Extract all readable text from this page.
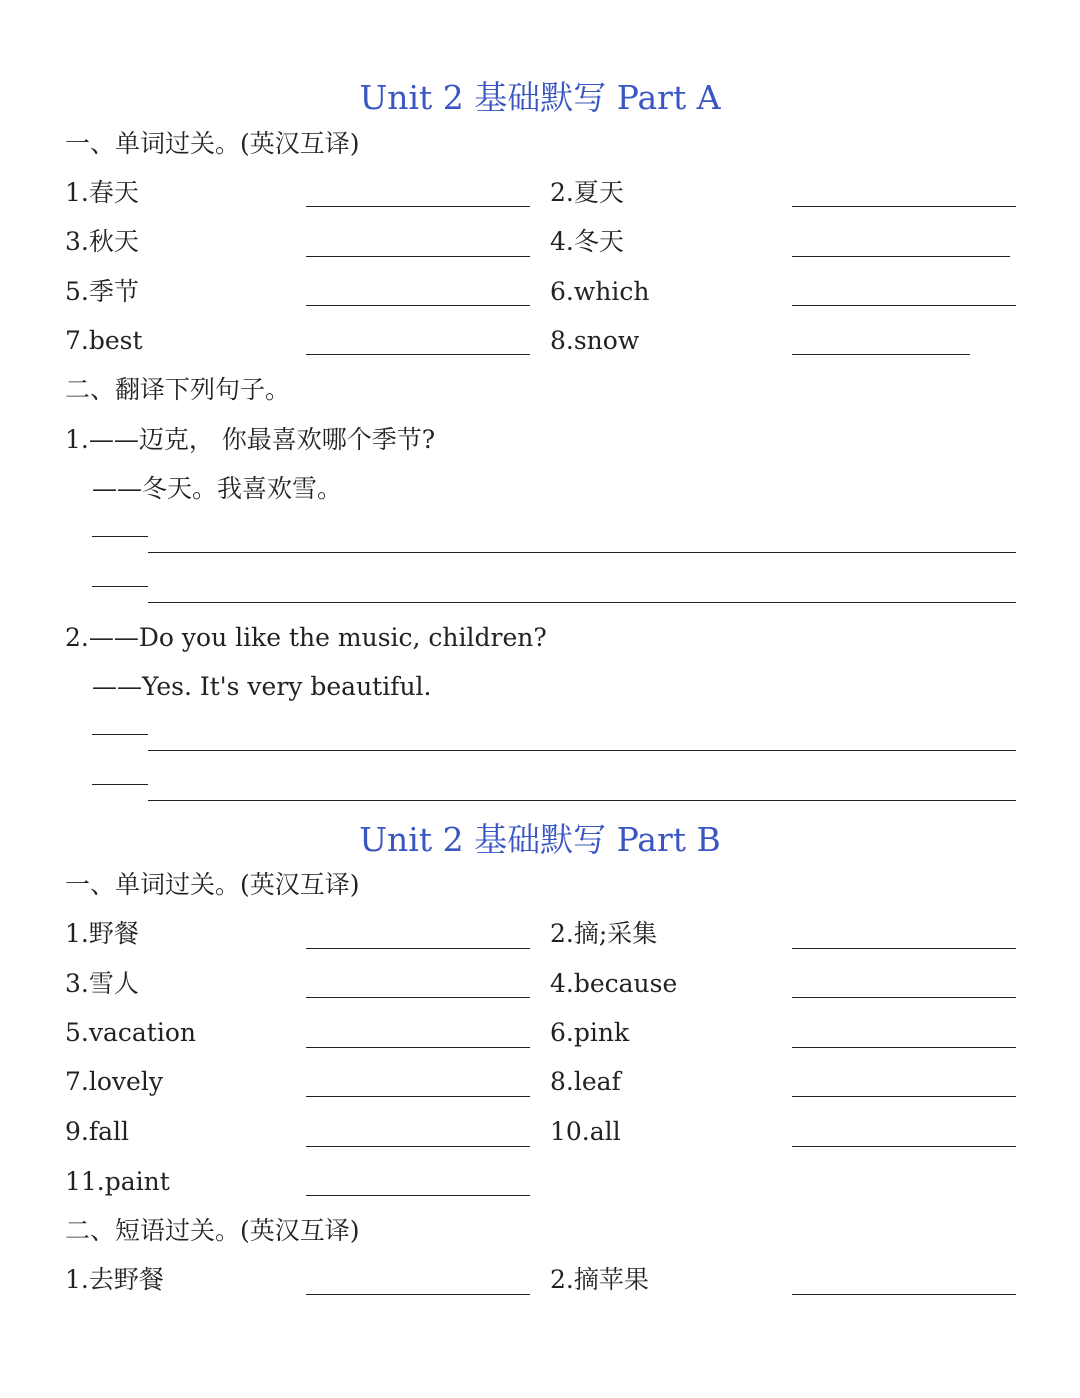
Unit 2 基础默写 Part A
一、单词过关。(英汉互译)
1.春天	2.夏天
3.秋天	4.冬天
5.季节	6.which
7.best	8.snow
二、翻译下列句子。
1.——迈克， 你最喜欢哪个季节?
——冬天。我喜欢雪。
2.——Do you like the music, children?
——Yes. It's very beautiful.
Unit 2 基础默写 Part B
一、单词过关。(英汉互译)
1.野餐	2.摘;采集
3.雪人	4.because
5.vacation	6.pink
7.lovely	8.leaf
9.fall	10.all
11.paint
二、短语过关。(英汉互译)
1.去野餐	2.摘苹果
